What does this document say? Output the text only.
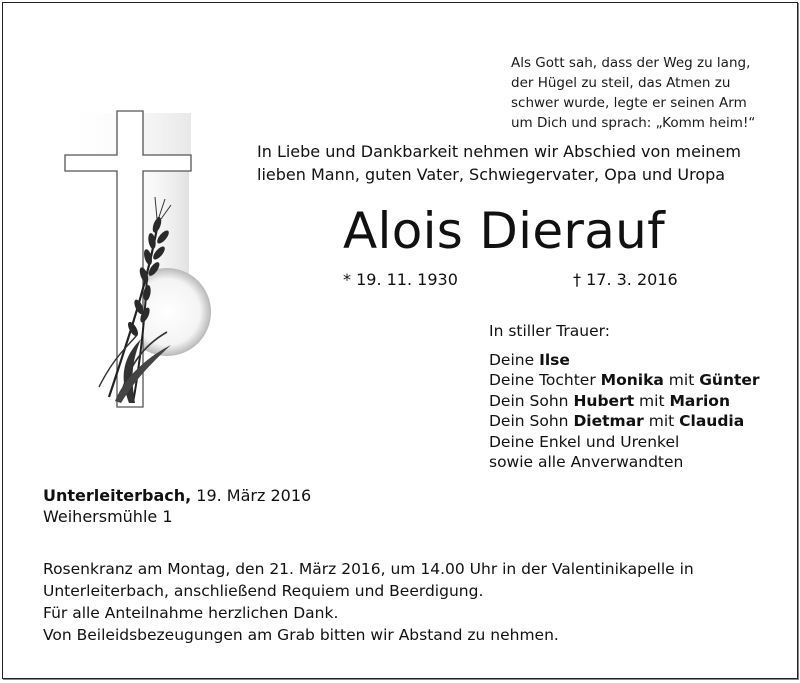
Als Gott sah, dass der Weg zu lang,
der Hügel zu steil, das Atmen zu
schwer wurde, legte er seinen Arm
um Dich und sprach: „Komm heim!“
In Liebe und Dankbarkeit nehmen wir Abschied von meinem
lieben Mann, guten Vater, Schwiegervater, Opa und Uropa
Alois Dierauf
* 19. 11. 1930	† 17. 3. 2016
In stiller Trauer:
Deine Ilse
Deine Tochter Monika mit Günter
Dein Sohn Hubert mit Marion
Dein Sohn Dietmar mit Claudia
Deine Enkel und Urenkel
sowie alle Anverwandten
Unterleiterbach, 19. März 2016
Weihersmühle 1
Rosenkranz am Montag, den 21. März 2016, um 14.00 Uhr in der Valentinikapelle in
Unterleiterbach, anschließend Requiem und Beerdigung.
Für alle Anteilnahme herzlichen Dank.
Von Beileidsbezeugungen am Grab bitten wir Abstand zu nehmen.
